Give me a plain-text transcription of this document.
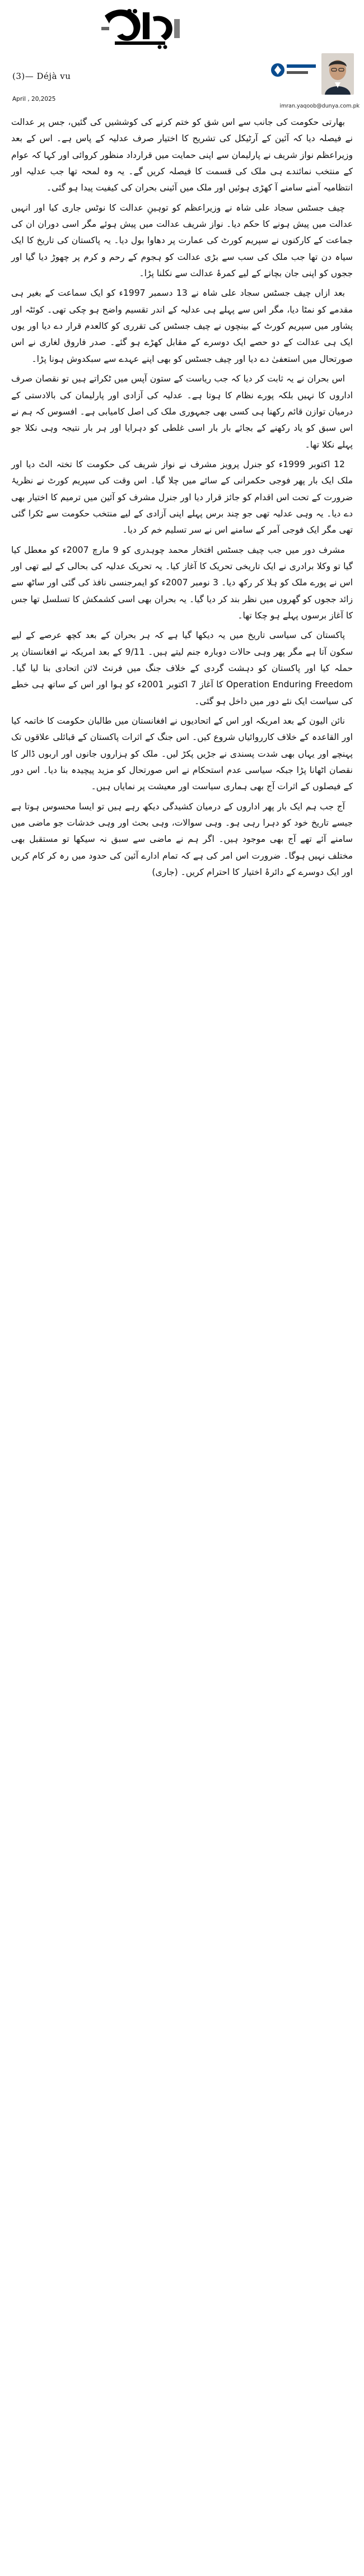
(3)— Déjà vu
April , 20,2025
imran.yaqoob@dunya.com.pk

بھارتی حکومت کی جانب سے اس شق کو ختم کرنے کی کوششیں کی گئیں، جس پر عدالت نے فیصلہ دیا کہ آئین کے آرٹیکل کی تشریح کا اختیار صرف عدلیہ کے پاس ہے۔ اس کے بعد وزیراعظم نواز شریف نے پارلیمان سے اپنی حمایت میں قرارداد منظور کروائی اور کہا کہ عوام کے منتخب نمائندے ہی ملک کی قسمت کا فیصلہ کریں گے۔ یہ وہ لمحہ تھا جب عدلیہ اور انتظامیہ آمنے سامنے آ کھڑی ہوئیں اور ملک میں آئینی بحران کی کیفیت پیدا ہو گئی۔

چیف جسٹس سجاد علی شاہ نے وزیراعظم کو توہینِ عدالت کا نوٹس جاری کیا اور انہیں عدالت میں پیش ہونے کا حکم دیا۔ نواز شریف عدالت میں پیش ہوئے مگر اسی دوران ان کی جماعت کے کارکنوں نے سپریم کورٹ کی عمارت پر دھاوا بول دیا۔ یہ پاکستان کی تاریخ کا ایک سیاہ دن تھا جب ملک کی سب سے بڑی عدالت کو ہجوم کے رحم و کرم پر چھوڑ دیا گیا اور ججوں کو اپنی جان بچانے کے لیے کمرۂ عدالت سے نکلنا پڑا۔

بعد ازاں چیف جسٹس سجاد علی شاہ نے 13 دسمبر 1997ء کو ایک سماعت کے بغیر ہی مقدمے کو نمٹا دیا، مگر اس سے پہلے ہی عدلیہ کے اندر تقسیم واضح ہو چکی تھی۔ کوئٹہ اور پشاور میں سپریم کورٹ کے بینچوں نے چیف جسٹس کی تقرری کو کالعدم قرار دے دیا اور یوں ایک ہی عدالت کے دو حصے ایک دوسرے کے مقابل کھڑے ہو گئے۔ صدر فاروق لغاری نے اس صورتحال میں استعفیٰ دے دیا اور چیف جسٹس کو بھی اپنے عہدے سے سبکدوش ہونا پڑا۔

اس بحران نے یہ ثابت کر دیا کہ جب ریاست کے ستون آپس میں ٹکراتے ہیں تو نقصان صرف اداروں کا نہیں بلکہ پورے نظام کا ہوتا ہے۔ عدلیہ کی آزادی اور پارلیمان کی بالادستی کے درمیان توازن قائم رکھنا ہی کسی بھی جمہوری ملک کی اصل کامیابی ہے۔ افسوس کہ ہم نے اس سبق کو یاد رکھنے کے بجائے بار بار اسی غلطی کو دہرایا اور ہر بار نتیجہ وہی نکلا جو پہلے نکلا تھا۔

12 اکتوبر 1999ء کو جنرل پرویز مشرف نے نواز شریف کی حکومت کا تختہ الٹ دیا اور ملک ایک بار پھر فوجی حکمرانی کے سائے میں چلا گیا۔ اس وقت کی سپریم کورٹ نے نظریۂ ضرورت کے تحت اس اقدام کو جائز قرار دیا اور جنرل مشرف کو آئین میں ترمیم کا اختیار بھی دے دیا۔ یہ وہی عدلیہ تھی جو چند برس پہلے اپنی آزادی کے لیے منتخب حکومت سے ٹکرا گئی تھی مگر ایک فوجی آمر کے سامنے اس نے سر تسلیم خم کر دیا۔

مشرف دور میں جب چیف جسٹس افتخار محمد چوہدری کو 9 مارچ 2007ء کو معطل کیا گیا تو وکلا برادری نے ایک تاریخی تحریک کا آغاز کیا۔ یہ تحریک عدلیہ کی بحالی کے لیے تھی اور اس نے پورے ملک کو ہلا کر رکھ دیا۔ 3 نومبر 2007ء کو ایمرجنسی نافذ کی گئی اور ساٹھ سے زائد ججوں کو گھروں میں نظر بند کر دیا گیا۔ یہ بحران بھی اسی کشمکش کا تسلسل تھا جس کا آغاز برسوں پہلے ہو چکا تھا۔

پاکستان کی سیاسی تاریخ میں یہ دیکھا گیا ہے کہ ہر بحران کے بعد کچھ عرصے کے لیے سکون آتا ہے مگر پھر وہی حالات دوبارہ جنم لیتے ہیں۔ 9/11 کے بعد امریکہ نے افغانستان پر حملہ کیا اور پاکستان کو دہشت گردی کے خلاف جنگ میں فرنٹ لائن اتحادی بنا لیا گیا۔ Operation Enduring Freedom کا آغاز 7 اکتوبر 2001ء کو ہوا اور اس کے ساتھ ہی خطے کی سیاست ایک نئے دور میں داخل ہو گئی۔

نائن الیون کے بعد امریکہ اور اس کے اتحادیوں نے افغانستان میں طالبان حکومت کا خاتمہ کیا اور القاعدہ کے خلاف کارروائیاں شروع کیں۔ اس جنگ کے اثرات پاکستان کے قبائلی علاقوں تک پہنچے اور یہاں بھی شدت پسندی نے جڑیں پکڑ لیں۔ ملک کو ہزاروں جانوں اور اربوں ڈالر کا نقصان اٹھانا پڑا جبکہ سیاسی عدم استحکام نے اس صورتحال کو مزید پیچیدہ بنا دیا۔ اس دور کے فیصلوں کے اثرات آج بھی ہماری سیاست اور معیشت پر نمایاں ہیں۔

آج جب ہم ایک بار پھر اداروں کے درمیان کشیدگی دیکھ رہے ہیں تو ایسا محسوس ہوتا ہے جیسے تاریخ خود کو دہرا رہی ہو۔ وہی سوالات، وہی بحث اور وہی خدشات جو ماضی میں سامنے آئے تھے آج بھی موجود ہیں۔ اگر ہم نے ماضی سے سبق نہ سیکھا تو مستقبل بھی مختلف نہیں ہوگا۔ ضرورت اس امر کی ہے کہ تمام ادارے آئین کی حدود میں رہ کر کام کریں اور ایک دوسرے کے دائرۂ اختیار کا احترام کریں۔ (جاری)
